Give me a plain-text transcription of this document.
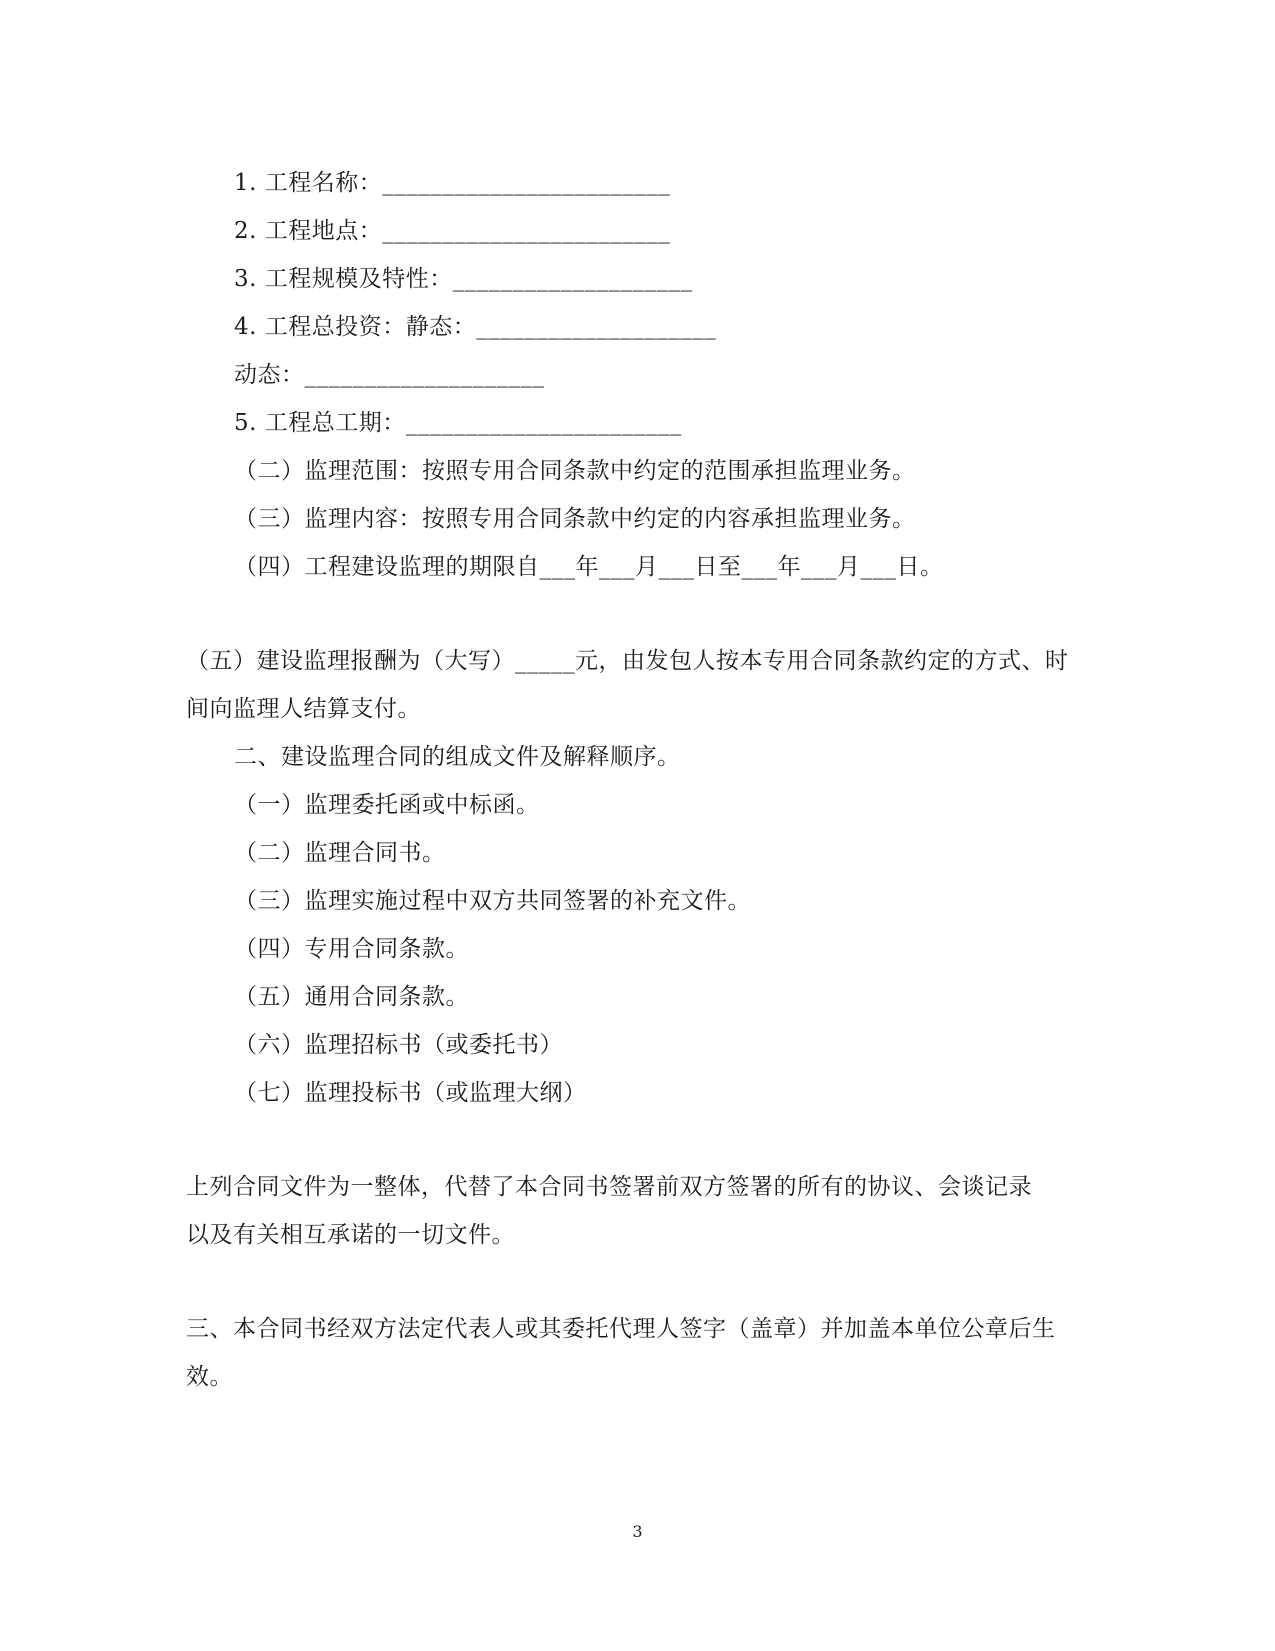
1. 工程名称：________________________
2. 工程地点：________________________
3. 工程规模及特性：____________________
4. 工程总投资：静态：____________________
动态：____________________
5. 工程总工期：_______________________
（二）监理范围：按照专用合同条款中约定的范围承担监理业务。
（三）监理内容：按照专用合同条款中约定的内容承担监理业务。
（四）工程建设监理的期限自___年___月___日至___年___月___日。
（五）建设监理报酬为（大写）_____元，由发包人按本专用合同条款约定的方式、时
间向监理人结算支付。
二、建设监理合同的组成文件及解释顺序。
（一）监理委托函或中标函。
（二）监理合同书。
（三）监理实施过程中双方共同签署的补充文件。
（四）专用合同条款。
（五）通用合同条款。
（六）监理招标书（或委托书）
（七）监理投标书（或监理大纲）
上列合同文件为一整体，代替了本合同书签署前双方签署的所有的协议、会谈记录
以及有关相互承诺的一切文件。
三、本合同书经双方法定代表人或其委托代理人签字（盖章）并加盖本单位公章后生
效。
3
